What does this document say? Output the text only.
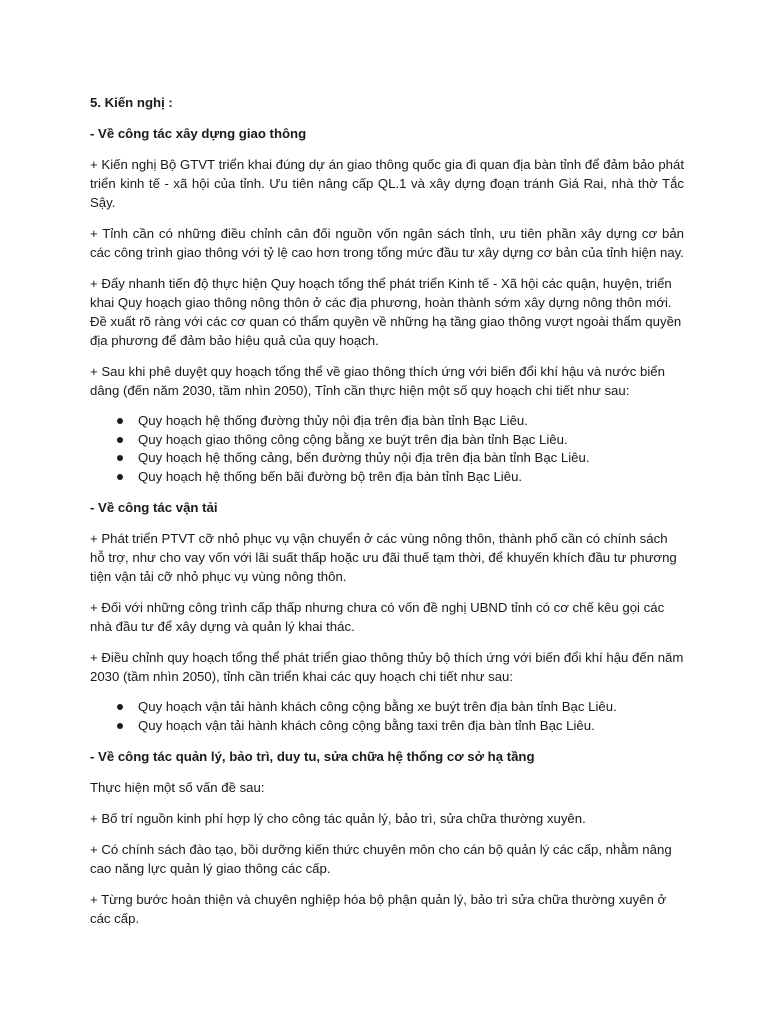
5. Kiến nghị :
- Về công tác xây dựng giao thông
+ Kiến nghị Bộ GTVT triển khai đúng dự án giao thông quốc gia đi quan địa bàn tỉnh để đảm bảo phát triển kinh tế - xã hội của tỉnh. Ưu tiên nâng cấp QL.1 và xây dựng đoạn tránh Giá Rai, nhà thờ Tắc Sậy.
+ Tỉnh cần có những điều chỉnh cân đối nguồn vốn ngân sách tỉnh, ưu tiên phần xây dựng cơ bản các công trình giao thông với tỷ lệ cao hơn trong tổng mức đầu tư xây dựng cơ bản của tỉnh hiện nay.
+ Đẩy nhanh tiến độ thực hiện Quy hoạch tổng thể phát triển Kinh tế - Xã hội các quận, huyện, triển khai Quy hoạch giao thông nông thôn ở các địa phương, hoàn thành sớm xây dựng nông thôn mới. Đề xuất rõ ràng với các cơ quan có thẩm quyền về những hạ tầng giao thông vượt ngoài thẩm quyền địa phương để đảm bảo hiệu quả của quy hoạch.
+ Sau khi phê duyệt quy hoạch tổng thể về giao thông thích ứng với biến đổi khí hậu và nước biển dâng (đến năm 2030, tầm nhìn 2050), Tỉnh cần thực hiện một số quy hoạch chi tiết như sau:
Quy hoạch hệ thống đường thủy nội địa trên địa bàn tỉnh Bạc Liêu.
Quy hoạch giao thông công cộng bằng xe buýt trên địa bàn tỉnh Bạc Liêu.
Quy hoạch hệ thống cảng, bến đường thủy nội địa trên địa bàn tỉnh Bạc Liêu.
Quy hoạch hệ thống bến bãi đường bộ trên địa bàn tỉnh Bạc Liêu.
- Về công tác vận tải
+ Phát triển PTVT cỡ nhỏ phục vụ vận chuyển ở các vùng nông thôn, thành phố cần có chính sách hỗ trợ, như cho vay vốn với lãi suất thấp hoặc ưu đãi thuế tạm thời, để khuyến khích đầu tư phương tiện vận tải cỡ nhỏ phục vụ vùng nông thôn.
+ Đối với những công trình cấp thấp nhưng chưa có vốn đề nghị UBND tỉnh có cơ chế kêu gọi các nhà đầu tư để xây dựng và quản lý khai thác.
+ Điều chỉnh quy hoạch tổng thể phát triển giao thông thủy bộ thích ứng với biến đổi khí hậu đến năm 2030 (tầm nhìn 2050), tỉnh cần triển khai các quy hoạch chi tiết như sau:
Quy hoạch vận tải hành khách công cộng bằng xe buýt trên địa bàn tỉnh Bạc Liêu.
Quy hoạch vận tải hành khách công cộng bằng taxi trên địa bàn tỉnh Bạc Liêu.
- Về công tác quản lý, bảo trì, duy tu, sửa chữa hệ thống cơ sở hạ tầng
Thực hiện một số vấn đề sau:
+ Bố trí nguồn kinh phí hợp lý cho công tác quản lý, bảo trì, sửa chữa thường xuyên.
+ Có chính sách đào tạo, bồi dưỡng kiến thức chuyên môn cho cán bộ quản lý các cấp, nhằm nâng cao năng lực quản lý giao thông các cấp.
+ Từng bước hoàn thiện và chuyên nghiệp hóa bộ phận quản lý, bảo trì sửa chữa thường xuyên ở các cấp.
